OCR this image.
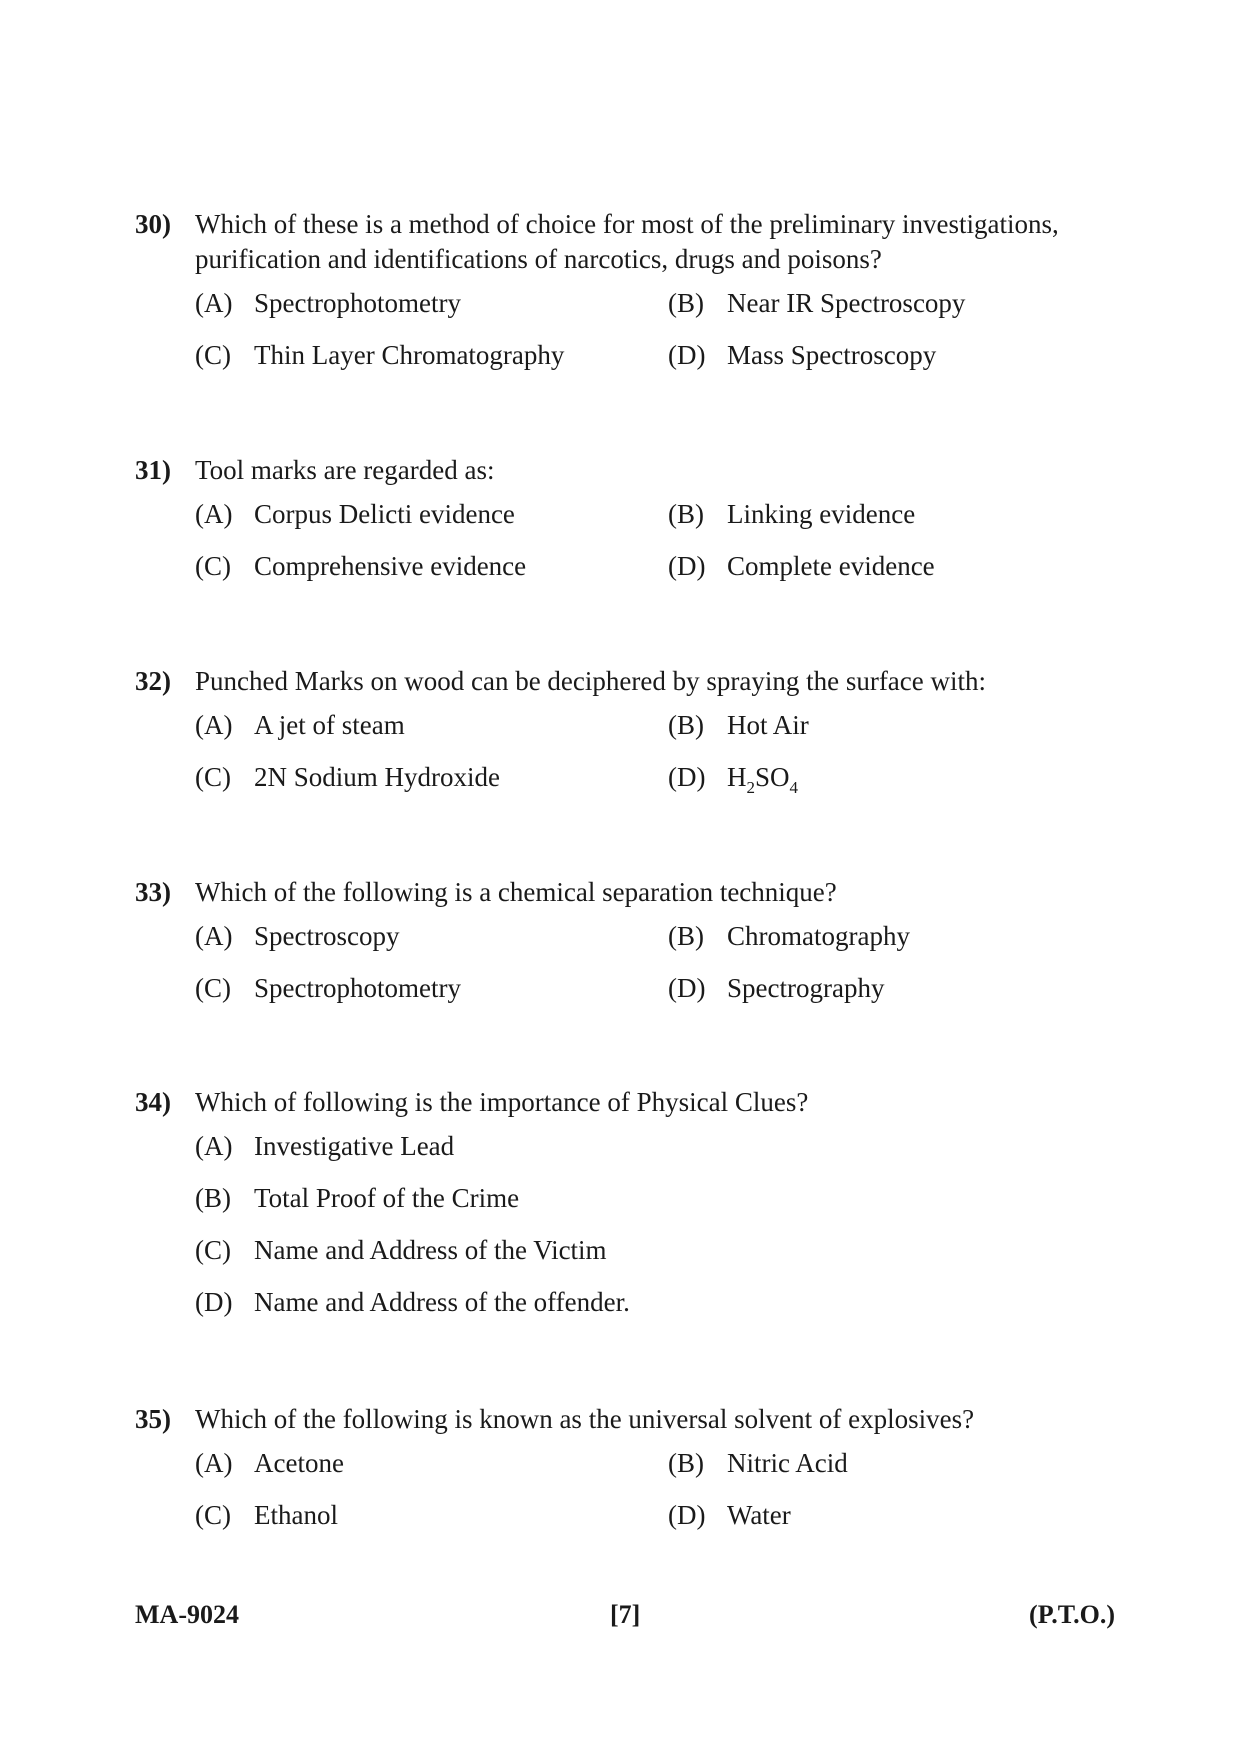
30) Which of these is a method of choice for most of the preliminary investigations, purification and identifications of narcotics, drugs and poisons?
(A) Spectrophotometry	(B) Near IR Spectroscopy
(C) Thin Layer Chromatography	(D) Mass Spectroscopy
31) Tool marks are regarded as:
(A) Corpus Delicti evidence	(B) Linking evidence
(C) Comprehensive evidence	(D) Complete evidence
32) Punched Marks on wood can be deciphered by spraying the surface with:
(A) A jet of steam	(B) Hot Air
(C) 2N Sodium Hydroxide	(D) $H_2SO_4$
33) Which of the following is a chemical separation technique?
(A) Spectroscopy	(B) Chromatography
(C) Spectrophotometry	(D) Spectrography
34) Which of following is the importance of Physical Clues?
(A) Investigative Lead
(B) Total Proof of the Crime
(C) Name and Address of the Victim
(D) Name and Address of the offender.
35) Which of the following is known as the universal solvent of explosives?
(A) Acetone	(B) Nitric Acid
(C) Ethanol	(D) Water
MA-9024	[7]	(P.T.O.)
